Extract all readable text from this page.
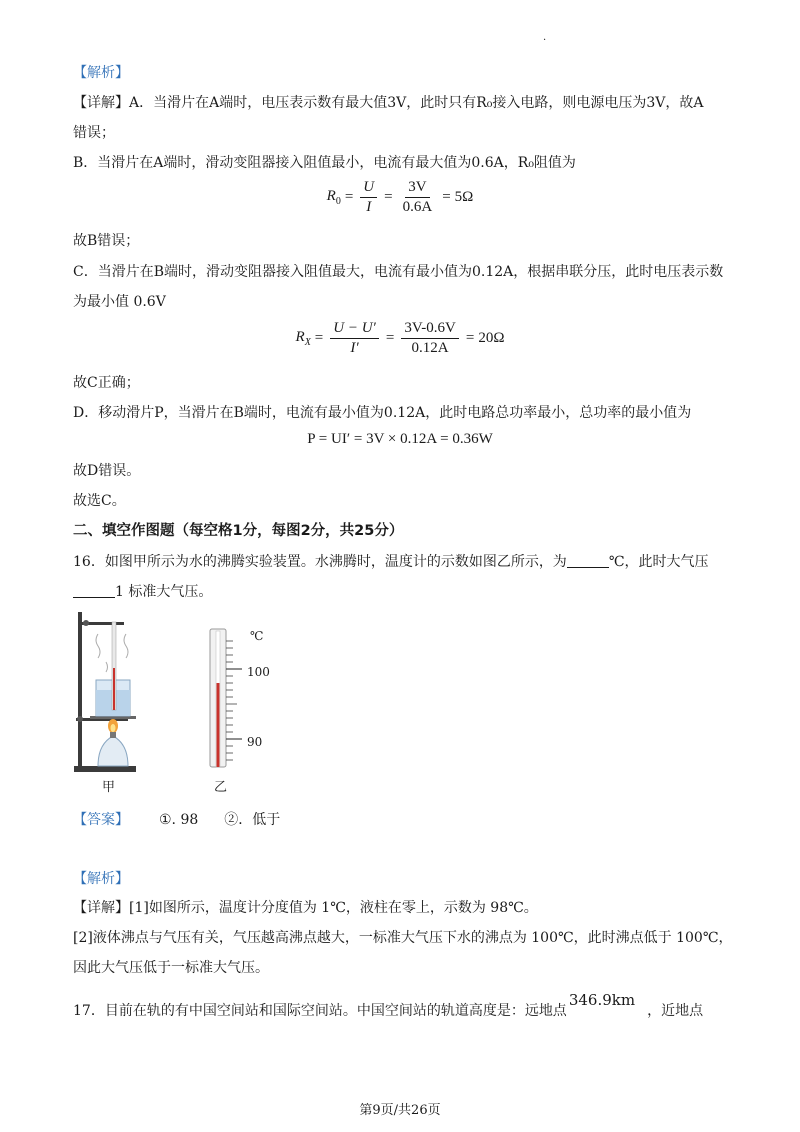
.
【解析】
【详解】A．当滑片在A端时，电压表示数有最大值3V，此时只有R₀接入电路，则电源电压为3V，故A
错误；
B．当滑片在A端时，滑动变阻器接入阻值最小，电流有最大值为0.6A，R₀阻值为
$R_0 = \frac{U}{I} = \frac{3V}{0.6A} = 5\Omega$
故B错误；
C．当滑片在B端时，滑动变阻器接入阻值最大，电流有最小值为0.12A，根据串联分压，此时电压表示数
为最小值 0.6V
$R_X = \frac{U - U'}{I'} = \frac{3V-0.6V}{0.12A} = 20\Omega$
故C正确；
D．移动滑片P，当滑片在B端时，电流有最小值为0.12A，此时电路总功率最小，总功率的最小值为
P = UI′ = 3V × 0.12A = 0.36W
故D错误。
故选C。
二、填空作图题（每空格1分，每图2分，共25分）
16．如图甲所示为水的沸腾实验装置。水沸腾时，温度计的示数如图乙所示，为	℃，此时大气压
1 标准大气压。
甲
℃
100
90
乙
【答案】 ①. 98 ②．低于
【解析】
【详解】[1]如图所示，温度计分度值为 1℃，液柱在零上，示数为 98℃。
[2]液体沸点与气压有关，气压越高沸点越大，一标准大气压下水的沸点为 100℃，此时沸点低于 100℃，
因此大气压低于一标准大气压。
17．目前在轨的有中国空间站和国际空间站。中国空间站的轨道高度是：远地点346.9km，近地点
第9页/共26页
